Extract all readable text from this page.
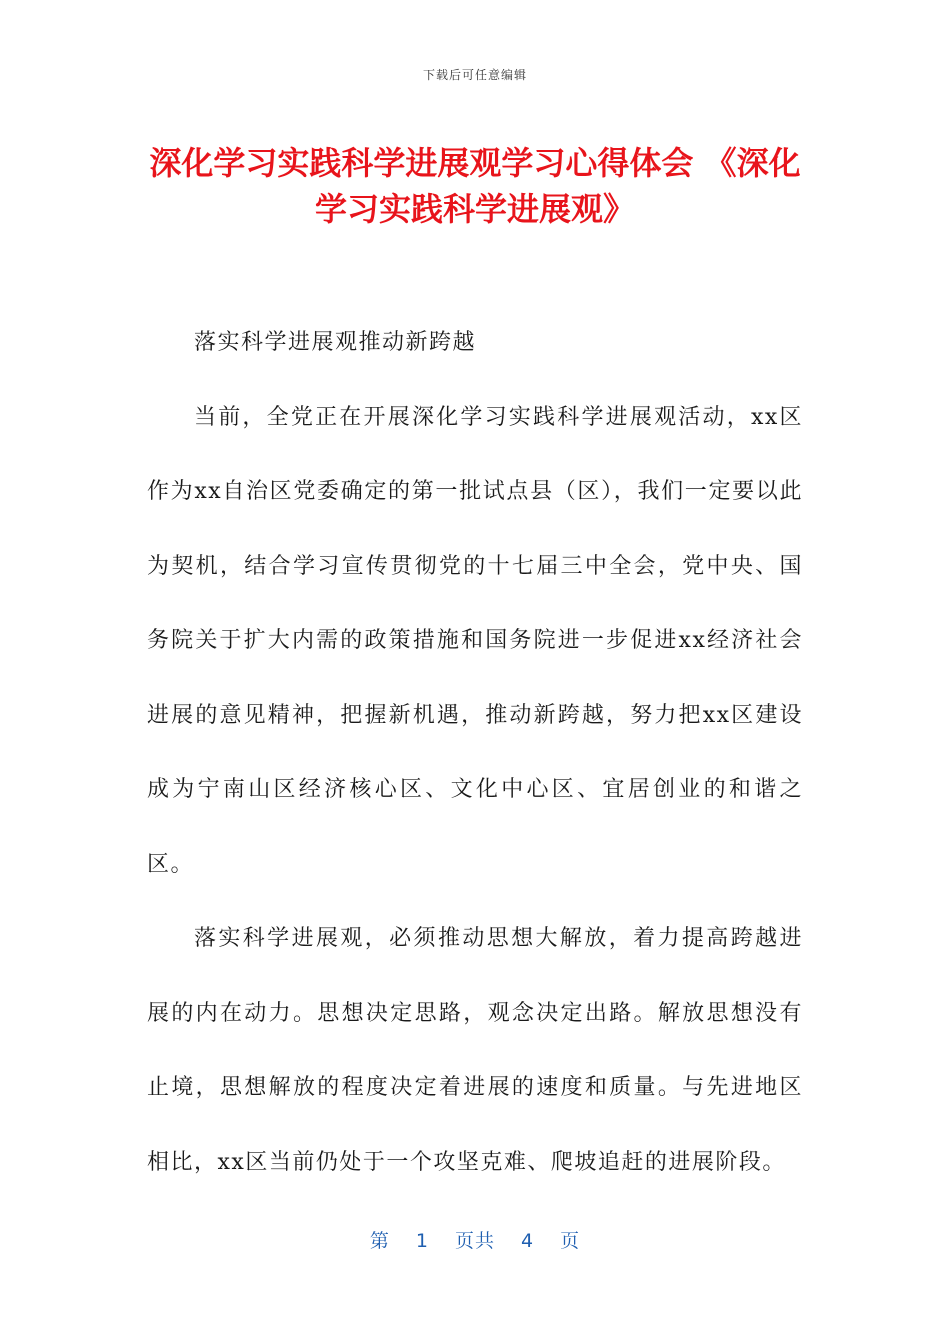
下载后可任意编辑
深化学习实践科学进展观学习心得体会 《深化学习实践科学进展观》

落实科学进展观推动新跨越

当前，全党正在开展深化学习实践科学进展观活动，xx区作为xx自治区党委确定的第一批试点县（区），我们一定要以此为契机，结合学习宣传贯彻党的十七届三中全会，党中央、国务院关于扩大内需的政策措施和国务院进一步促进xx经济社会进展的意见精神，把握新机遇，推动新跨越，努力把xx区建设成为宁南山区经济核心区、文化中心区、宜居创业的和谐之区。

落实科学进展观，必须推动思想大解放，着力提高跨越进展的内在动力。思想决定思路，观念决定出路。解放思想没有止境，思想解放的程度决定着进展的速度和质量。与先进地区相比，xx区当前仍处于一个攻坚克难、爬坡追赶的进展阶段。

第 1 页共 4 页
